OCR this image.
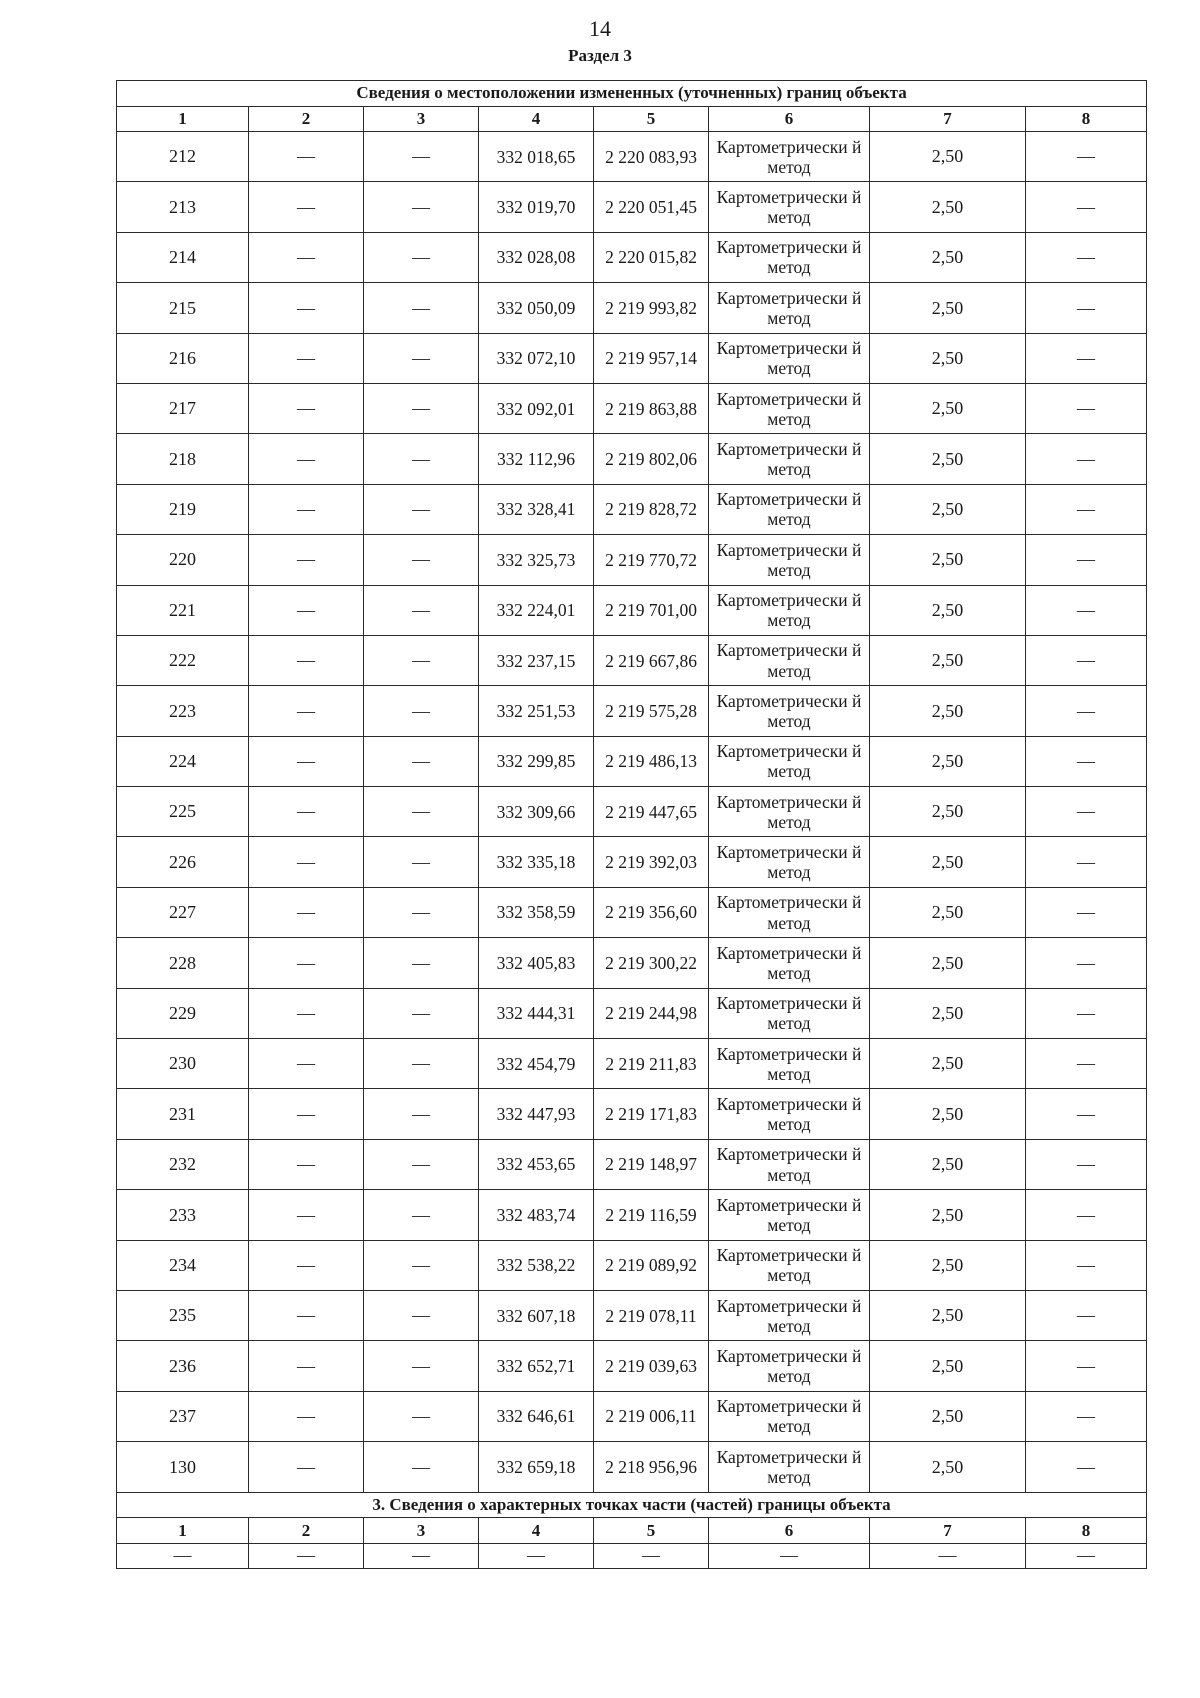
14
Раздел 3
Сведения о местоположении измененных (уточненных) границ объекта							
1	2	3	4	5	6	7	8
212	—	—	332 018,65	2 220 083,93	Картометрически й метод	2,50	—
213	—	—	332 019,70	2 220 051,45	Картометрически й метод	2,50	—
214	—	—	332 028,08	2 220 015,82	Картометрически й метод	2,50	—
215	—	—	332 050,09	2 219 993,82	Картометрически й метод	2,50	—
216	—	—	332 072,10	2 219 957,14	Картометрически й метод	2,50	—
217	—	—	332 092,01	2 219 863,88	Картометрически й метод	2,50	—
218	—	—	332 112,96	2 219 802,06	Картометрически й метод	2,50	—
219	—	—	332 328,41	2 219 828,72	Картометрически й метод	2,50	—
220	—	—	332 325,73	2 219 770,72	Картометрически й метод	2,50	—
221	—	—	332 224,01	2 219 701,00	Картометрически й метод	2,50	—
222	—	—	332 237,15	2 219 667,86	Картометрически й метод	2,50	—
223	—	—	332 251,53	2 219 575,28	Картометрически й метод	2,50	—
224	—	—	332 299,85	2 219 486,13	Картометрически й метод	2,50	—
225	—	—	332 309,66	2 219 447,65	Картометрически й метод	2,50	—
226	—	—	332 335,18	2 219 392,03	Картометрически й метод	2,50	—
227	—	—	332 358,59	2 219 356,60	Картометрически й метод	2,50	—
228	—	—	332 405,83	2 219 300,22	Картометрически й метод	2,50	—
229	—	—	332 444,31	2 219 244,98	Картометрически й метод	2,50	—
230	—	—	332 454,79	2 219 211,83	Картометрически й метод	2,50	—
231	—	—	332 447,93	2 219 171,83	Картометрически й метод	2,50	—
232	—	—	332 453,65	2 219 148,97	Картометрически й метод	2,50	—
233	—	—	332 483,74	2 219 116,59	Картометрически й метод	2,50	—
234	—	—	332 538,22	2 219 089,92	Картометрически й метод	2,50	—
235	—	—	332 607,18	2 219 078,11	Картометрически й метод	2,50	—
236	—	—	332 652,71	2 219 039,63	Картометрически й метод	2,50	—
237	—	—	332 646,61	2 219 006,11	Картометрически й метод	2,50	—
130	—	—	332 659,18	2 218 956,96	Картометрически й метод	2,50	—
3. Сведения о характерных точках части (частей) границы объекта							
1	2	3	4	5	6	7	8
—	—	—	—	—	—	—	—
